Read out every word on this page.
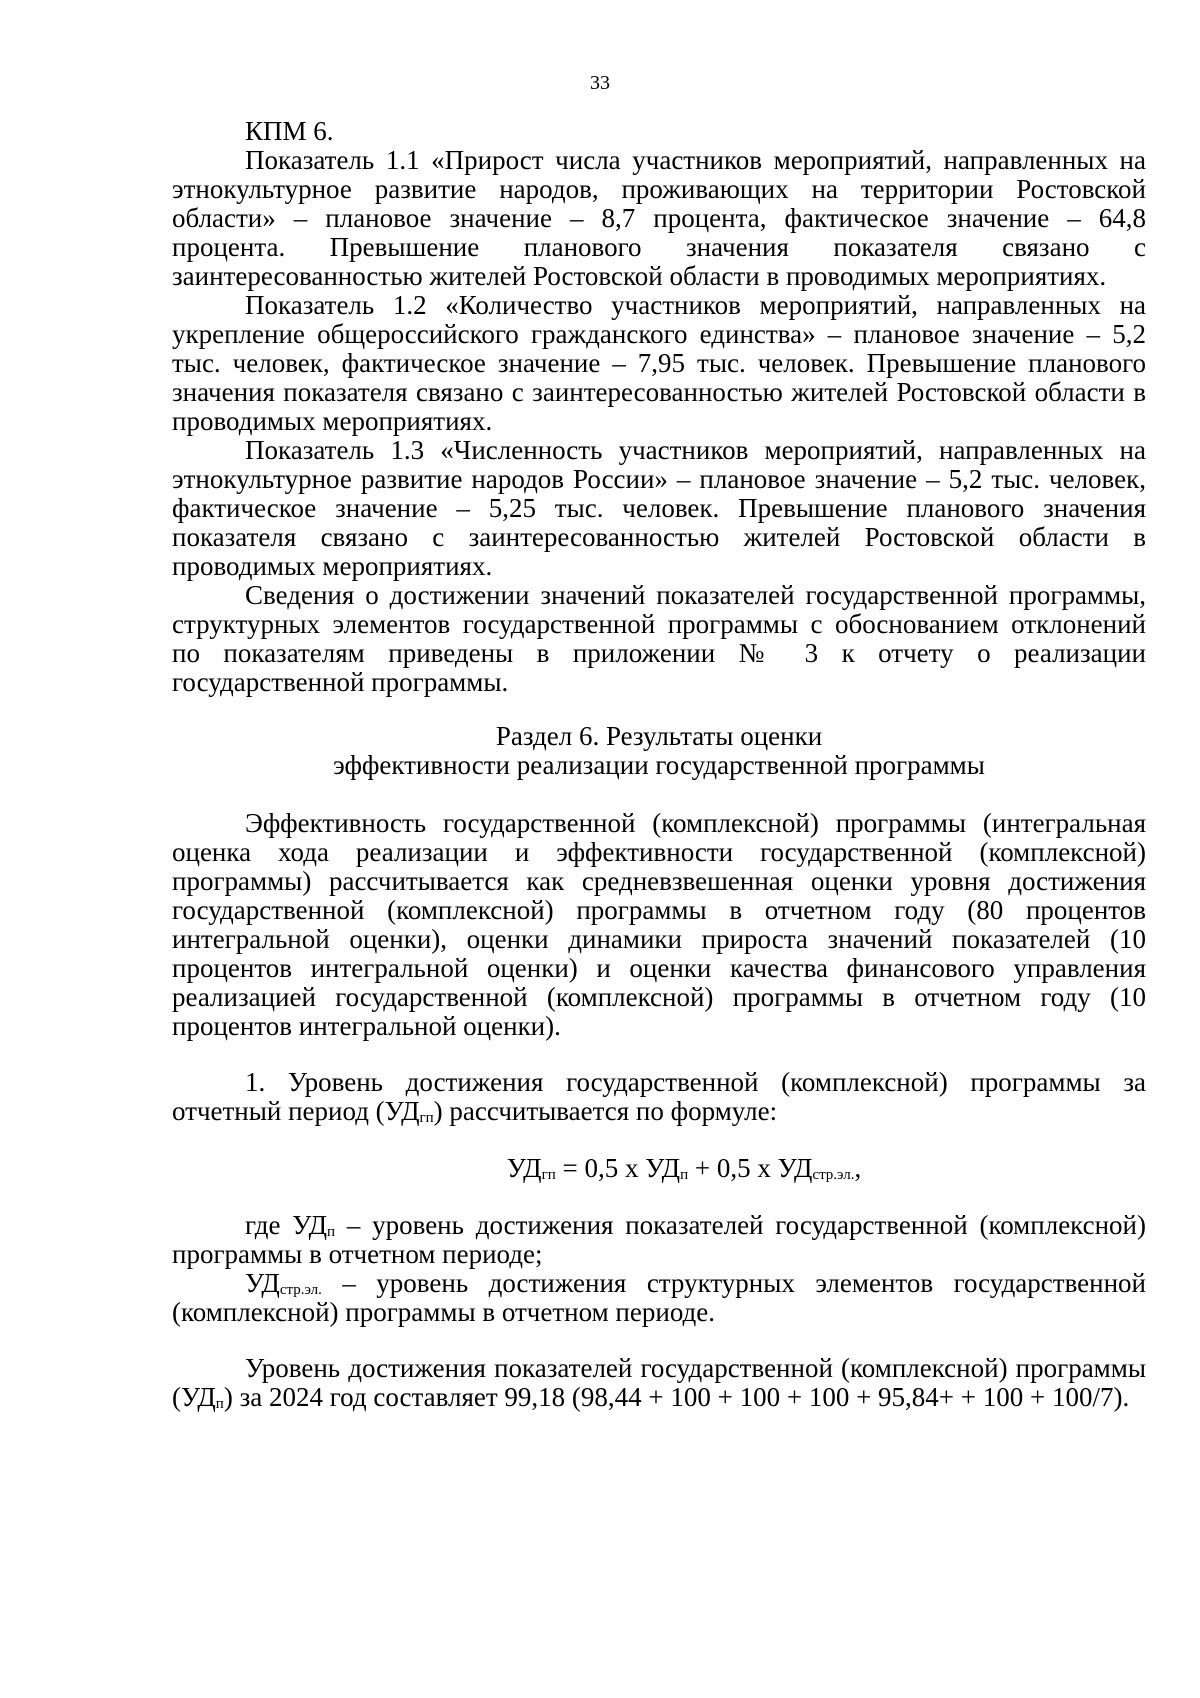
33

КПМ 6.

Показатель 1.1 «Прирост числа участников мероприятий, направленных на этнокультурное развитие народов, проживающих на территории Ростовской области» – плановое значение – 8,7 процента, фактическое значение – 64,8 процента. Превышение планового значения показателя связано с заинтересованностью жителей Ростовской области в проводимых мероприятиях.

Показатель 1.2 «Количество участников мероприятий, направленных на укрепление общероссийского гражданского единства» – плановое значение – 5,2 тыс. человек, фактическое значение – 7,95 тыс. человек. Превышение планового значения показателя связано с заинтересованностью жителей Ростовской области в проводимых мероприятиях.

Показатель 1.3 «Численность участников мероприятий, направленных на этнокультурное развитие народов России» – плановое значение – 5,2 тыс. человек, фактическое значение – 5,25 тыс. человек. Превышение планового значения показателя связано с заинтересованностью жителей Ростовской области в проводимых мероприятиях.

Сведения о достижении значений показателей государственной программы, структурных элементов государственной программы с обоснованием отклонений по показателям приведены в приложении № 3 к отчету о реализации государственной программы.

Раздел 6. Результаты оценки

эффективности реализации государственной программы

Эффективность государственной (комплексной) программы (интегральная оценка хода реализации и эффективности государственной (комплексной) программы) рассчитывается как средневзвешенная оценки уровня достижения государственной (комплексной) программы в отчетном году (80 процентов интегральной оценки), оценки динамики прироста значений показателей (10 процентов интегральной оценки) и оценки качества финансового управления реализацией государственной (комплексной) программы в отчетном году (10 процентов интегральной оценки).

1. Уровень достижения государственной (комплексной) программы за отчетный период $(УД_{гп})$ рассчитывается по формуле:

$УД_{гп} = 0,5$ х $УД_п + 0,5$ х $УД_{стр.эл.}$,

где $УД_п$ – уровень достижения показателей государственной (комплексной) программы в отчетном периоде;

$УД_{стр.эл.}$ – уровень достижения структурных элементов государственной (комплексной) программы в отчетном периоде.

Уровень достижения показателей государственной (комплексной) программы $(УД_п)$ за 2024 год составляет 99,18 (98,44 + 100 + 100 + 100 + 95,84+ + 100 + 100/7).
